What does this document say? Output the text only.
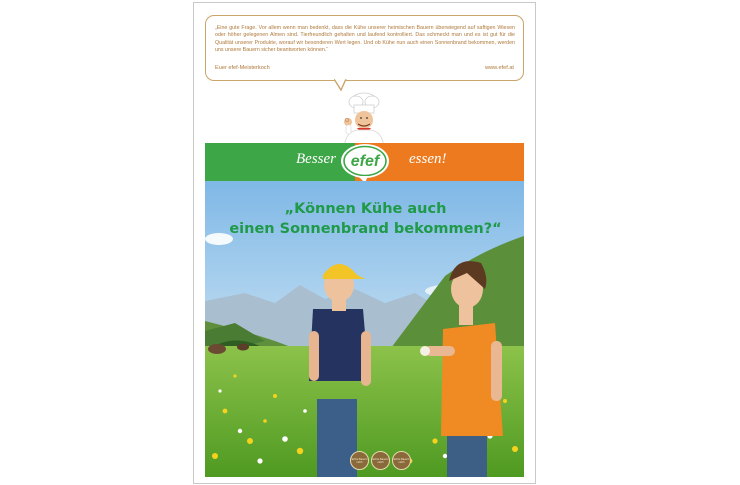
„Eine gute Frage. Vor allem wenn man bedenkt, dass die Kühe unserer heimischen Bauern überwiegend auf saftigen Wiesen oder höher gelegenen Almen sind. Tierfreundlich gehalten und laufend kontrolliert. Das schmeckt man und es ist gut für die Qualität unserer Produkte, worauf wir besonderen Wert legen. Und ob Kühe nun auch einen Sonnenbrand bekommen, werden uns unsere Bauern sicher beantworten können.“

Euer efef-Meisterkoch	www.efef.at
Besser	essen!
efef
„Können Kühe auch
einen Sonnenbrand bekommen?“
Echte Bauern milch
Echte Bauern milch
Echte Bauern milch
